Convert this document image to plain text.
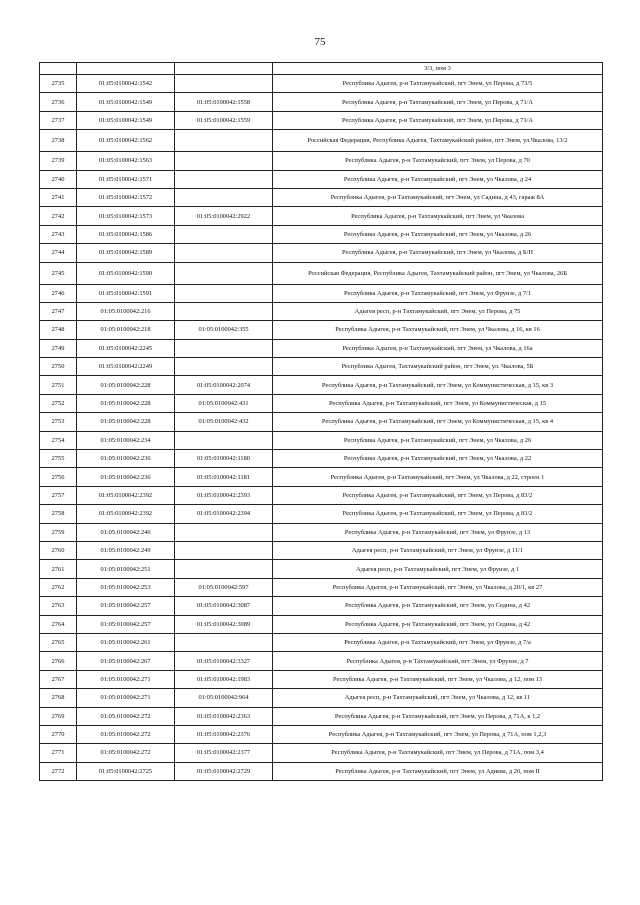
75
			3/3, пом 3
2735	01:05:0100042:1542		Республика Адыгея, р-н Тахтамукайский, пгт Энем, ул Перова, д 73/5
2736	01:05:0100042:1549	01:05:0100042:1558	Республика Адыгея, р-н Тахтамукайский, пгт Энем, ул Перова, д 71/А
2737	01:05:0100042:1549	01:05:0100042:1559	Республика Адыгея, р-н Тахтамукайский, пгт Энем, ул Перова, д 71/А
2738	01:05:0100042:1562		Российская Федерация, Республика Адыгея, Тахтамукайский район, пгт Энем, ул.Чкалова, 13/2
2739	01:05:0100042:1563		Республика Адыгея, р-н Тахтамукайский, пгт Энем, ул Перова, д 70
2740	01:05:0100042:1571		Республика Адыгея, р-н Тахтамукайский, пгт Энем, ул Чкалова, д 24
2741	01:05:0100042:1572		Республика Адыгея, р-н Тахтамукайский, пгт Энем, ул Садина, д 43, гараж 8А
2742	01:05:0100042:1573	01:05:0100042:2922	Республика Адыгея, р-н Тахтамукайский, пгт Энем, ул Чкалова
2743	01:05:0100042:1586		Республика Адыгея, р-н Тахтамукайский, пгт Энем, ул Чкалова, д 26
2744	01:05:0100042:1589		Республика Адыгея, р-н Тахтамукайский, пгт Энем, ул Чкалова, д Б/Н
2745	01:05:0100042:1590		Российская Федерация, Республика Адыгея, Тахтамукайский район, пгт Энем, ул Чкалова, 26Б
2746	01:05:0100042:1591		Республика Адыгея, р-н Тахтамукайский, пгт Энем, ул Фрунзе, д 7/1
2747	01:05:0100042:216		Адыгея респ, р-н Тахтамукайский, пгт Энем, ул Перова, д 75
2748	01:05:0100042:218	01:05:0100042:355	Республика Адыгея, р-н Тахтамукайский, пгт Энем, ул Чкалова, д 16, кв 16
2749	01:05:0100042:2245		Республика Адыгея, р-н Тахтамукайский, пгт Энем, ул Чкалова, д 16а
2750	01:05:0100042:2249		Республика Адыгея, Тахтамукайский район, пгт Энем, ул. Чкалова, 5Б
2751	01:05:0100042:228	01:05:0100042:2074	Республика Адыгея, р-н Тахтамукайский, пгт Энем, ул Коммунистическая, д 15, кв 3
2752	01:05:0100042:228	01:05:0100042:431	Республика Адыгея, р-н Тахтамукайский, пгт Энем, ул Коммунистическая, д 15
2753	01:05:0100042:228	01:05:0100042:432	Республика Адыгея, р-н Тахтамукайский, пгт Энем, ул Коммунистическая, д 15, кв 4
2754	01:05:0100042:234		Республика Адыгея, р-н Тахтамукайский, пгт Энем, ул Чкалова, д 26
2755	01:05:0100042:236	01:05:0100042:1180	Республика Адыгея, р-н Тахтамукайский, пгт Энем, ул Чкалова, д 22
2756	01:05:0100042:236	01:05:0100042:1181	Республика Адыгея, р-н Тахтамукайский, пгт Энем, ул Чкалова, д 22, строен 1
2757	01:05:0100042:2392	01:05:0100042:2393	Республика Адыгея, р-н Тахтамукайский, пгт Энем, ул Перова, д 83/2
2758	01:05:0100042:2392	01:05:0100042:2394	Республика Адыгея, р-н Тахтамукайский, пгт Энем, ул Перова, д 83/2
2759	01:05:0100042:246		Республика Адыгея, р-н Тахтамукайский, пгт Энем, ул Фрунзе, д 13
2760	01:05:0100042:249		Адыгея респ, р-н Тахтамукайский, пгт Энем, ул Фрунзе, д 11/1
2761	01:05:0100042:251		Адыгея респ, р-н Тахтамукайский, пгт Энем, ул Фрунзе, д 1
2762	01:05:0100042:253	01:05:0100042:597	Республика Адыгея, р-н Тахтамукайский, пгт Энем, ул Чкалова, д 20/1, кв 27
2763	01:05:0100042:257	01:05:0100042:3087	Республика Адыгея, р-н Тахтамукайский, пгт Энем, ул Седина, д 42
2764	01:05:0100042:257	01:05:0100042:3089	Республика Адыгея, р-н Тахтамукайский, пгт Энем, ул Седина, д 42
2765	01:05:0100042:261		Республика Адыгея, р-н Тахтамукайский, пгт Энем, ул Фрунзе, д 7/а
2766	01:05:0100042:267	01:05:0100042:3327	Республика Адыгея, р-н Тахтамукайский, пгт Энем, ул Фрунзе, д 7
2767	01:05:0100042:271	01:05:0100042:1983	Республика Адыгея, р-н Тахтамукайский, пгт Энем, ул Чкалова, д 12, пом 13
2768	01:05:0100042:271	01:05:0100042:964	Адыгея респ, р-н Тахтамукайский, пгт Энем, ул Чкалова, д 12, кв 11
2769	01:05:0100042:272	01:05:0100042:2363	Республика Адыгея, р-н Тахтамукайский, пгт Энем, ул Перова, д 71А, к 1,2
2770	01:05:0100042:272	01:05:0100042:2376	Республика Адыгея, р-н Тахтамукайский, пгт Энем, ул Перова, д 71А, пом 1,2,3
2771	01:05:0100042:272	01:05:0100042:2377	Республика Адыгея, р-н Тахтамукайский, пгт Энем, ул Перова, д 71А, пом 3,4
2772	01:05:0100042:2725	01:05:0100042:2729	Республика Адыгея, р-н Тахтамукайский, пгт Энем, ул Адиева, д 20, пом II
